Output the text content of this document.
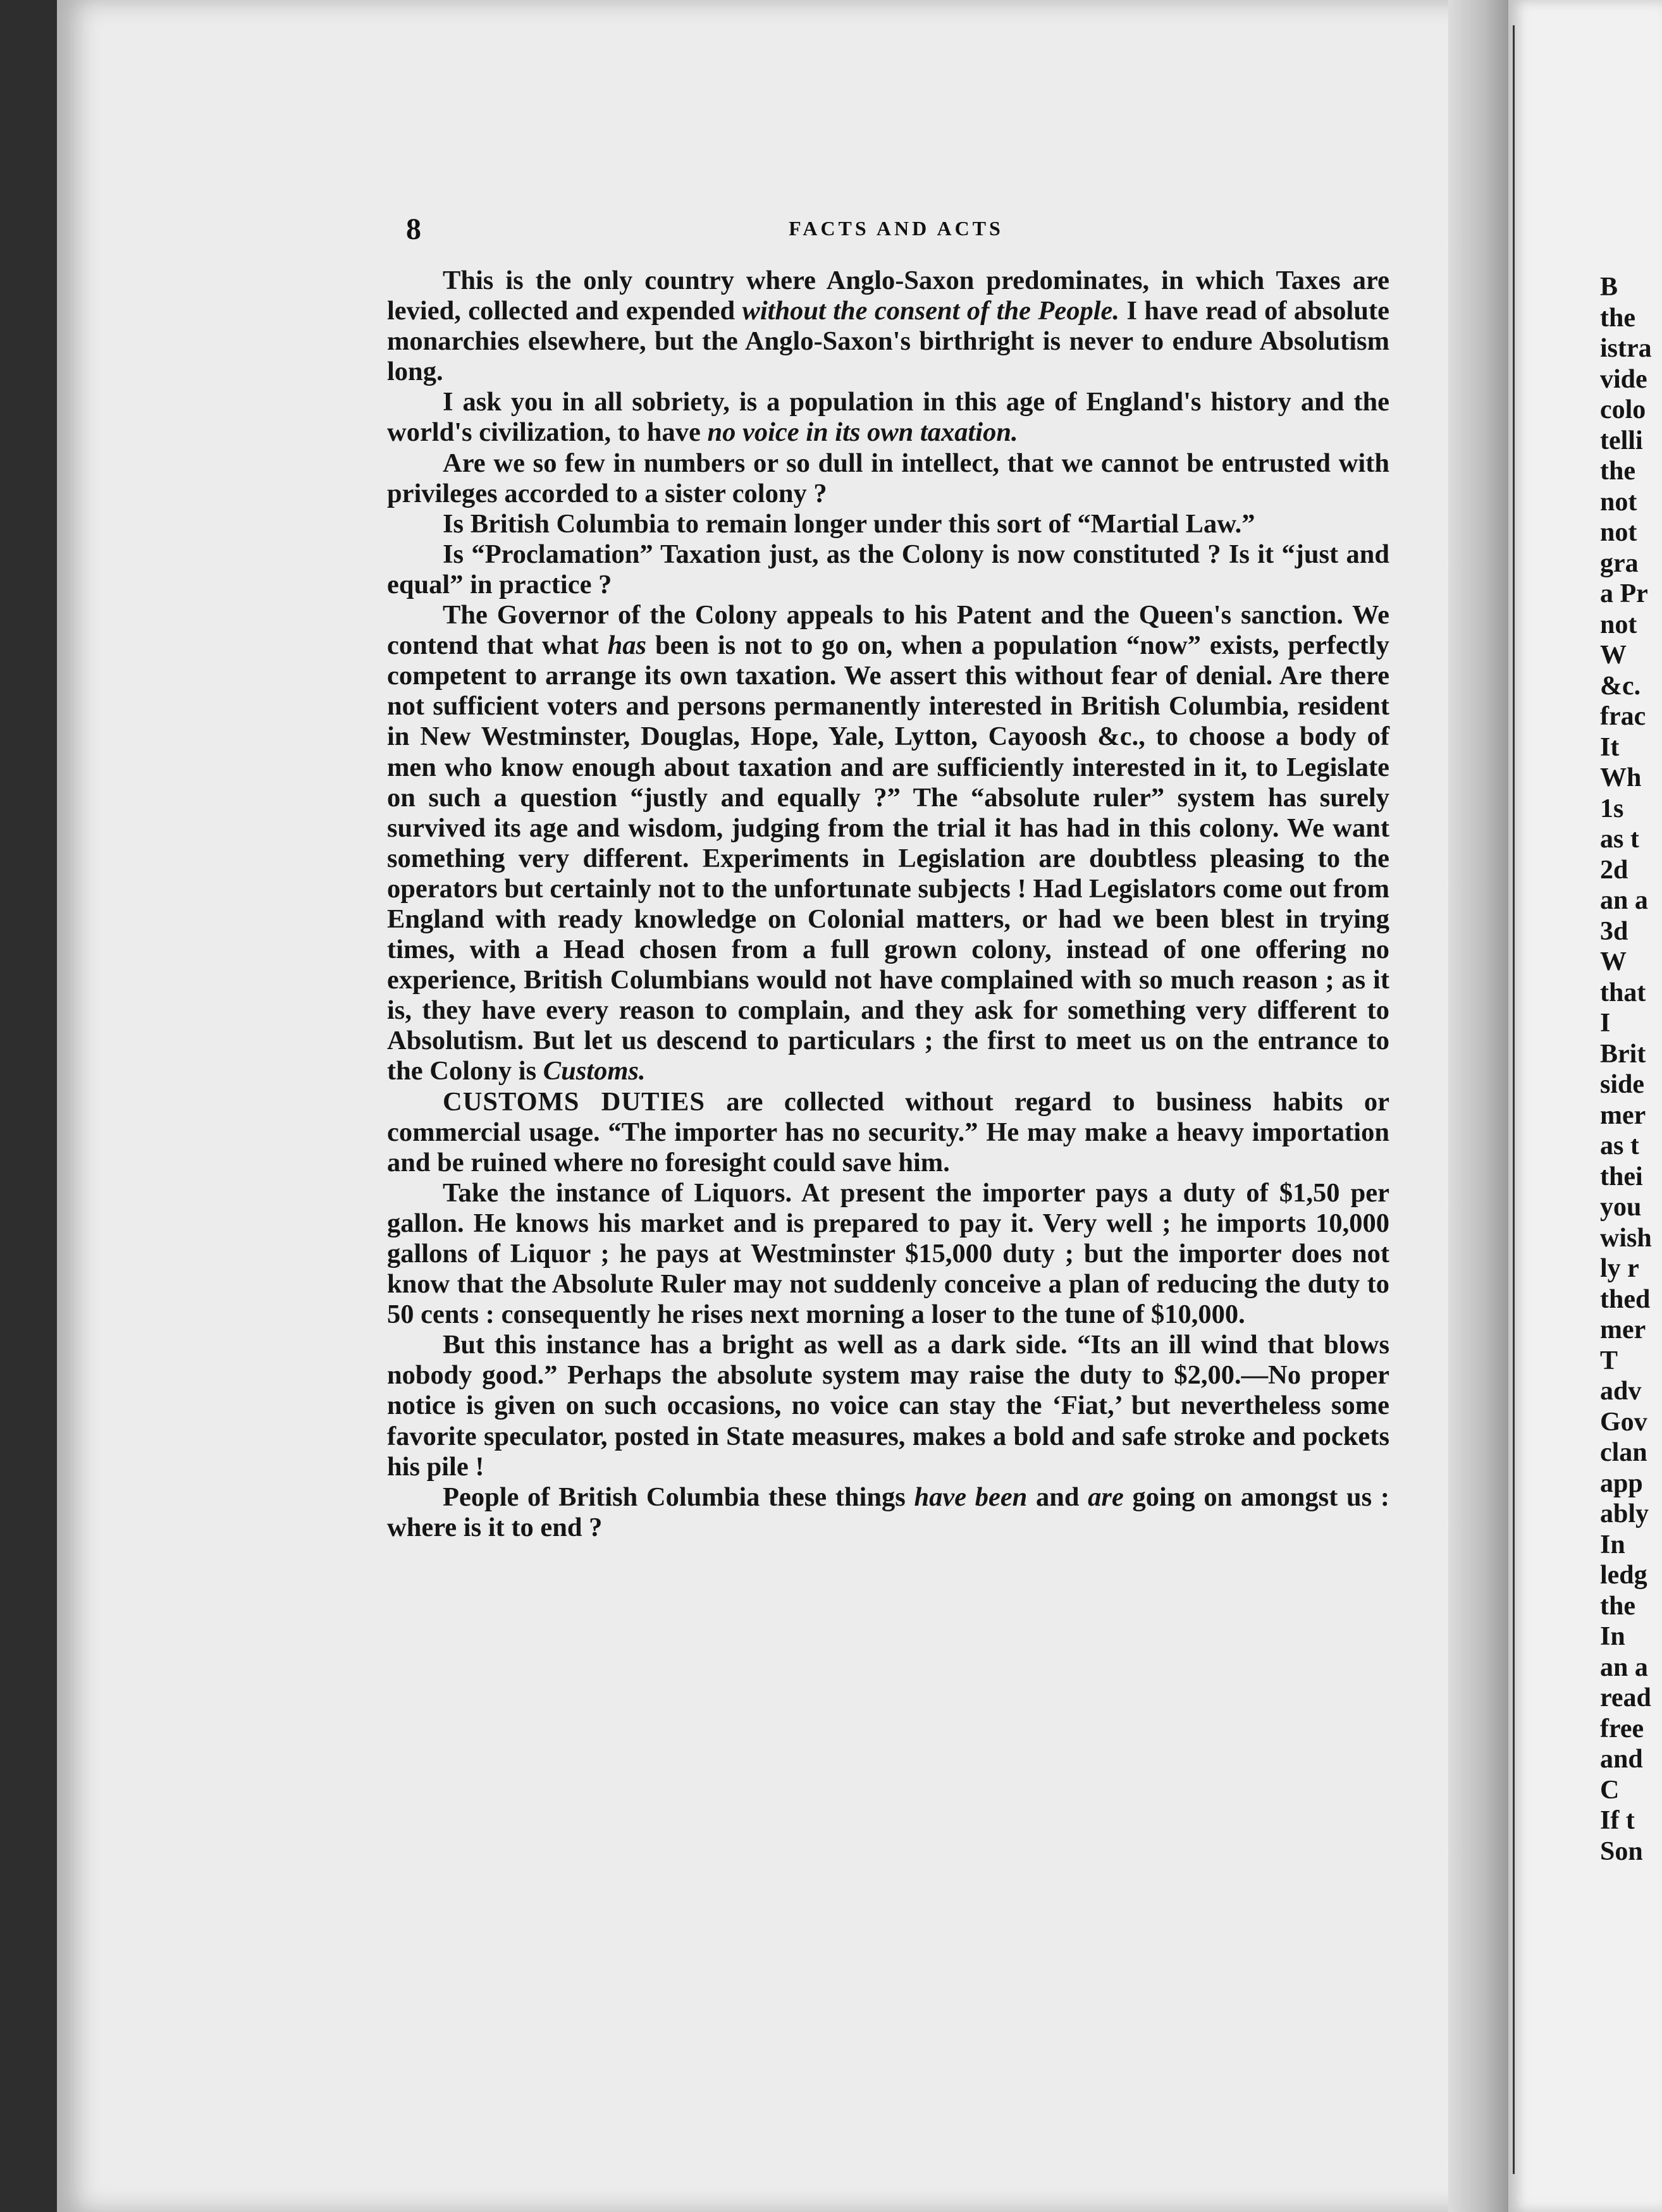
8	FACTS AND ACTS

This is the only country where Anglo-Saxon predominates, in which Taxes are levied, collected and expended without the consent of the People. I have read of absolute monarchies elsewhere, but the Anglo-Saxon's birthright is never to endure Absolutism long.

I ask you in all sobriety, is a population in this age of England's history and the world's civilization, to have no voice in its own taxation.

Are we so few in numbers or so dull in intellect, that we cannot be entrusted with privileges accorded to a sister colony ?

Is British Columbia to remain longer under this sort of “Martial Law.”

Is “Proclamation” Taxation just, as the Colony is now constituted ? Is it “just and equal” in practice ?

The Governor of the Colony appeals to his Patent and the Queen's sanction. We contend that what has been is not to go on, when a population “now” exists, perfectly competent to arrange its own taxation. We assert this without fear of denial. Are there not sufficient voters and persons permanently interested in British Columbia, resident in New Westminster, Douglas, Hope, Yale, Lytton, Cayoosh &c., to choose a body of men who know enough about taxation and are sufficiently interested in it, to Legislate on such a question “justly and equally ?” The “absolute ruler” system has surely survived its age and wisdom, judging from the trial it has had in this colony. We want something very different. Experiments in Legislation are doubtless pleasing to the operators but certainly not to the unfortunate subjects ! Had Legislators come out from England with ready knowledge on Colonial matters, or had we been blest in trying times, with a Head chosen from a full grown colony, instead of one offering no experience, British Columbians would not have complained with so much reason ; as it is, they have every reason to complain, and they ask for something very different to Absolutism. But let us descend to particulars ; the first to meet us on the entrance to the Colony is Customs.

CUSTOMS DUTIES are collected without regard to business habits or commercial usage. “The importer has no security.” He may make a heavy importation and be ruined where no foresight could save him.

Take the instance of Liquors. At present the importer pays a duty of $1,50 per gallon. He knows his market and is prepared to pay it. Very well ; he imports 10,000 gallons of Liquor ; he pays at Westminster $15,000 duty ; but the importer does not know that the Absolute Ruler may not suddenly conceive a plan of reducing the duty to 50 cents : consequently he rises next morning a loser to the tune of $10,000.

But this instance has a bright as well as a dark side. “Its an ill wind that blows nobody good.” Perhaps the absolute system may raise the duty to $2,00.—No proper notice is given on such occasions, no voice can stay the ‘Fiat,’ but nevertheless some favorite speculator, posted in State measures, makes a bold and safe stroke and pockets his pile !

People of British Columbia these things have been and are going on amongst us : where is it to end ?

B
the
istra
vide
colo
telli
the
not
not
gra
a Pr
not
W
&c.
frac
It
Wh
1s
as t
2d
an a
3d
W
that
I
Brit
side
mer
as t
thei
you
wish
ly r
thed
mer
T
adv
Gov
clan
app
ably
In
ledg
the
In
an a
read
free
and
C
If t
Son
